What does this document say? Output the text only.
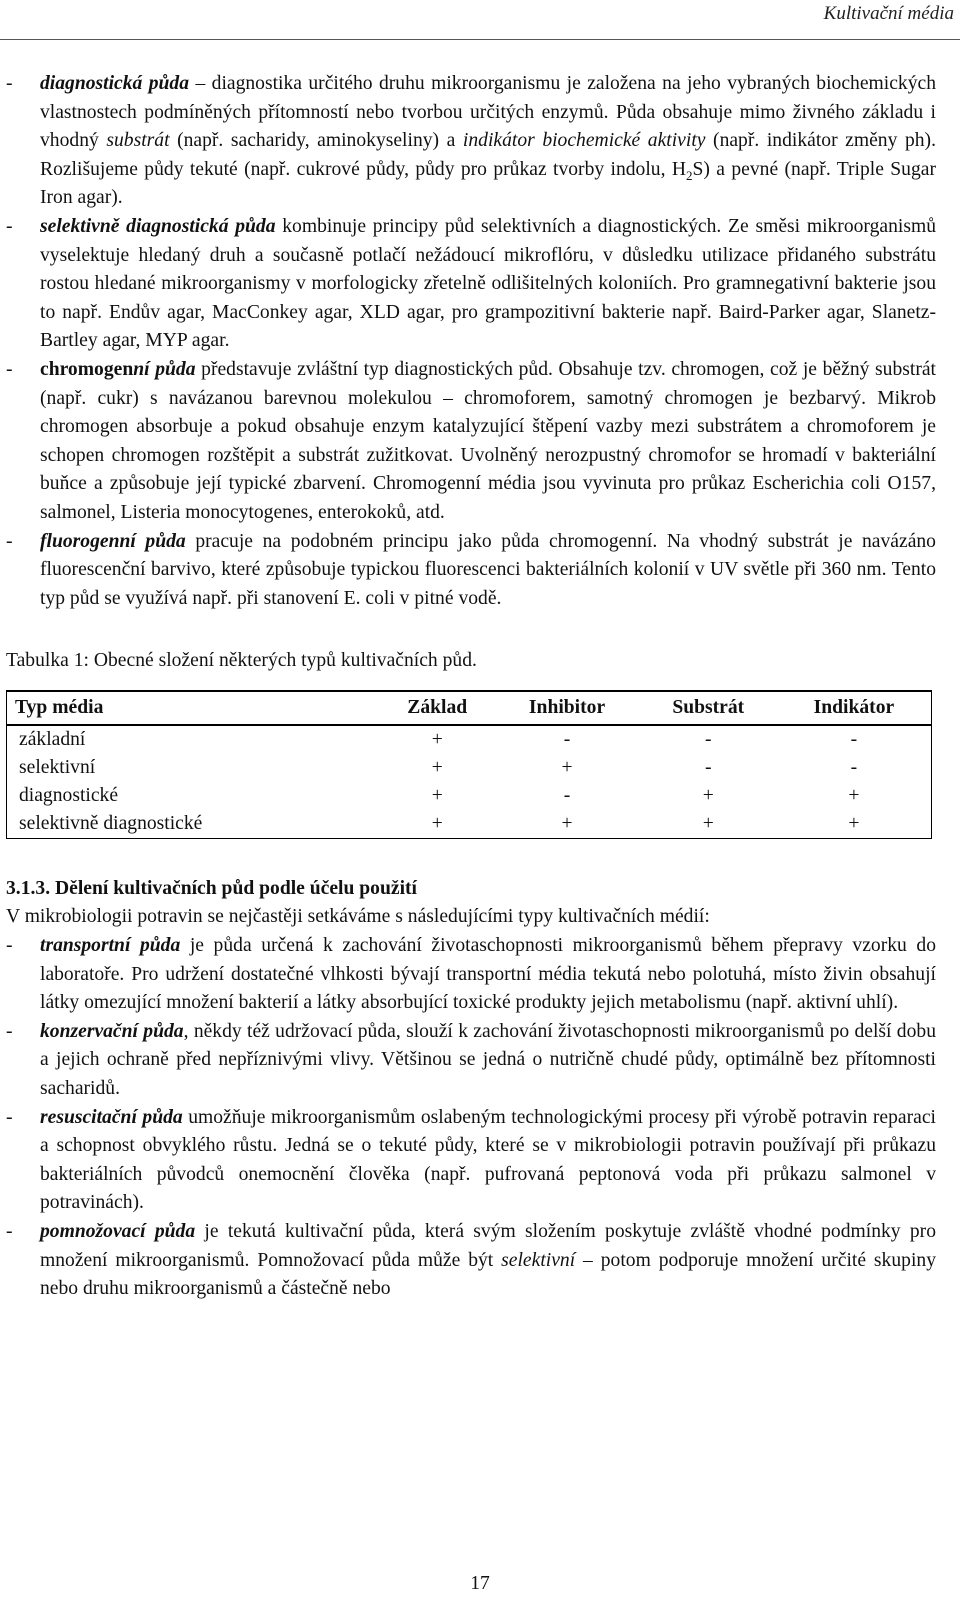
Kultivační média
- diagnostická půda – diagnostika určitého druhu mikroorganismu je založena na jeho vybraných biochemických vlastnostech podmíněných přítomností nebo tvorbou určitých enzymů. Půda obsahuje mimo živného základu i vhodný substrát (např. sacharidy, aminokyseliny) a indikátor biochemické aktivity (např. indikátor změny ph). Rozlišujeme půdy tekuté (např. cukrové půdy, půdy pro průkaz tvorby indolu, $H_2S$) a pevné (např. Triple Sugar Iron agar).
- selektivně diagnostická půda kombinuje principy půd selektivních a diagnostických. Ze směsi mikroorganismů vyselektuje hledaný druh a současně potlačí nežádoucí mikroflóru, v důsledku utilizace přidaného substrátu rostou hledané mikroorganismy v morfologicky zřetelně odlišitelných koloniích. Pro gramnegativní bakterie jsou to např. Endův agar, MacConkey agar, XLD agar, pro grampozitivní bakterie např. Baird-Parker agar, Slanetz-Bartley agar, MYP agar.
- chromogenní půda představuje zvláštní typ diagnostických půd. Obsahuje tzv. chromogen, což je běžný substrát (např. cukr) s navázanou barevnou molekulou – chromoforem, samotný chromogen je bezbarvý. Mikrob chromogen absorbuje a pokud obsahuje enzym katalyzující štěpení vazby mezi substrátem a chromoforem je schopen chromogen rozštěpit a substrát zužitkovat. Uvolněný nerozpustný chromofor se hromadí v bakteriální buňce a způsobuje její typické zbarvení. Chromogenní média jsou vyvinuta pro průkaz Escherichia coli O157, salmonel, Listeria monocytogenes, enterokoků, atd.
- fluorogenní půda pracuje na podobném principu jako půda chromogenní. Na vhodný substrát je navázáno fluorescenční barvivo, které způsobuje typickou fluorescenci bakteriálních kolonií v UV světle při 360 nm. Tento typ půd se využívá např. při stanovení E. coli v pitné vodě.
Tabulka 1: Obecné složení některých typů kultivačních půd.
Typ média	Základ	Inhibitor	Substrát	Indikátor
základní	+	-	-	-
selektivní	+	+	-	-
diagnostické	+	-	+	+
selektivně diagnostické	+	+	+	+
3.1.3. Dělení kultivačních půd podle účelu použití
V mikrobiologii potravin se nejčastěji setkáváme s následujícími typy kultivačních médií:
- transportní půda je půda určená k zachování životaschopnosti mikroorganismů během přepravy vzorku do laboratoře. Pro udržení dostatečné vlhkosti bývají transportní média tekutá nebo polotuhá, místo živin obsahují látky omezující množení bakterií a látky absorbující toxické produkty jejich metabolismu (např. aktivní uhlí).
- konzervační půda, někdy též udržovací půda, slouží k zachování životaschopnosti mikroorganismů po delší dobu a jejich ochraně před nepříznivými vlivy. Většinou se jedná o nutričně chudé půdy, optimálně bez přítomnosti sacharidů.
- resuscitační půda umožňuje mikroorganismům oslabeným technologickými procesy při výrobě potravin reparaci a schopnost obvyklého růstu. Jedná se o tekuté půdy, které se v mikrobiologii potravin používají při průkazu bakteriálních původců onemocnění člověka (např. pufrovaná peptonová voda při průkazu salmonel v potravinách).
- pomnožovací půda je tekutá kultivační půda, která svým složením poskytuje zvláště vhodné podmínky pro množení mikroorganismů. Pomnožovací půda může být selektivní – potom podporuje množení určité skupiny nebo druhu mikroorganismů a částečně nebo
17
